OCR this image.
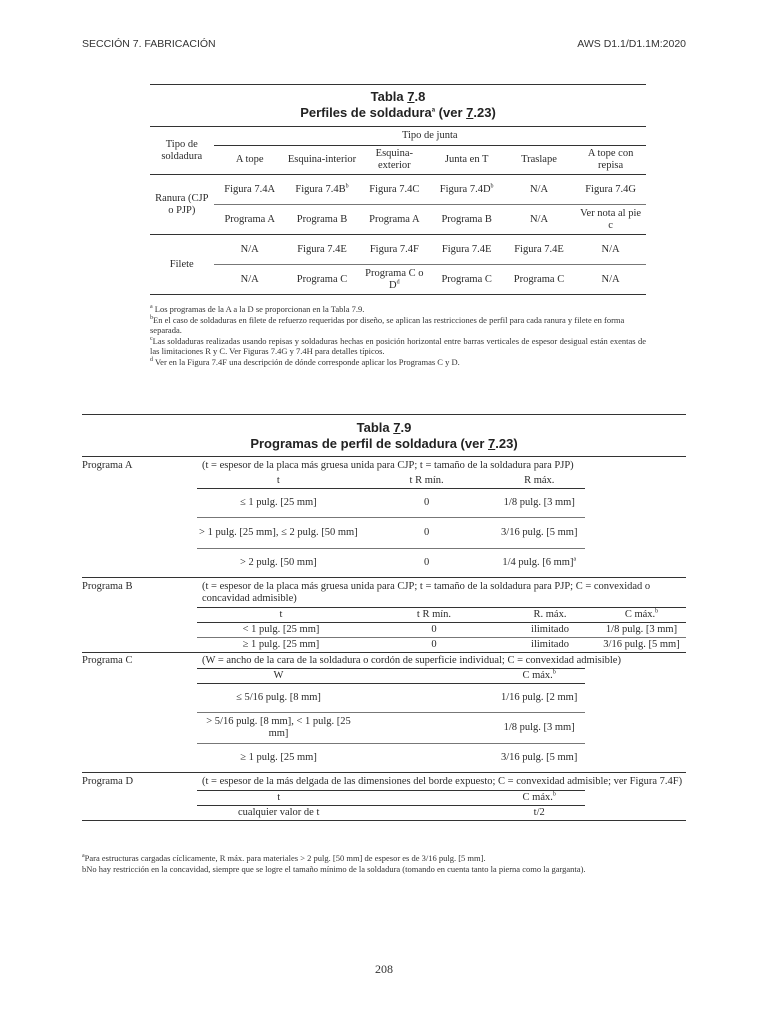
SECCIÓN 7. FABRICACIÓN	AWS D1.1/D1.1M:2020
Tabla 7.8
Perfiles de soldadura$^a$ (ver 7.23)
Tipo de soldadura	Tipo de junta					
	A tope	Esquina-interior	Esquina-exterior	Junta en T	Traslape	A tope con repisa
Ranura (CJP o PJP)	Figura 7.4A	Figura $7.4B^b$	Figura 7.4C	Figura $7.4D^b$	N/A	Figura 7.4G
	Programa A	Programa B	Programa A	Programa B	N/A	Ver nota al pie c
Filete	N/A	Figura 7.4E	Figura 7.4F	Figura 7.4E	Figura 7.4E	N/A
	N/A	Programa C	Programa C o $D^d$	Programa C	Programa C	N/A
$^a$ Los programas de la A a la D se proporcionan en la Tabla 7.9.
$^b$En el caso de soldaduras en filete de refuerzo requeridas por diseño, se aplican las restricciones de perfil para cada ranura y filete en forma separada.
$^c$Las soldaduras realizadas usando repisas y soldaduras hechas en posición horizontal entre barras verticales de espesor desigual están exentas de las limitaciones R y C. Ver Figuras 7.4G y 7.4H para detalles típicos.
$^d$ Ver en la Figura 7.4F una descripción de dónde corresponde aplicar los Programas C y D.
Tabla 7.9
Programas de perfil de soldadura (ver 7.23)
Programa A	(t = espesor de la placa más gruesa unida para CJP; t = tamaño de la soldadura para PJP)
t	t R mín.	R máx.
≤ 1 pulg. [25 mm]	0	1/8 pulg. [3 mm]
> 1 pulg. [25 mm], ≤ 2 pulg. [50 mm]	0	3/16 pulg. [5 mm]
> 2 pulg. [50 mm]	0	1/4 pulg. [6 mm]$^a$

Programa B	(t = espesor de la placa más gruesa unida para CJP; t = tamaño de la soldadura para PJP; C = convexidad o concavidad admisible)
t	t R mín.	R. máx.	C máx.$^b$
< 1 pulg. [25 mm]	0	ilimitado	1/8 pulg. [3 mm]
≥ 1 pulg. [25 mm]	0	ilimitado	3/16 pulg. [5 mm]

Programa C	(W = ancho de la cara de la soldadura o cordón de superficie individual; C = convexidad admisible)
W		C máx.$^b$
≤ 5/16 pulg. [8 mm]		1/16 pulg. [2 mm]
> 5/16 pulg. [8 mm], < 1 pulg. [25 mm]		1/8 pulg. [3 mm]
≥ 1 pulg. [25 mm]		3/16 pulg. [5 mm]

Programa D	(t = espesor de la más delgada de las dimensiones del borde expuesto; C = convexidad admisible; ver Figura 7.4F)
t		C máx.$^b$
cualquier valor de t		t/2
$^a$Para estructuras cargadas cíclicamente, R máx. para materiales > 2 pulg. [50 mm] de espesor es de 3/16 pulg. [5 mm].
bNo hay restricción en la concavidad, siempre que se logre el tamaño mínimo de la soldadura (tomando en cuenta tanto la pierna como la garganta).
208
